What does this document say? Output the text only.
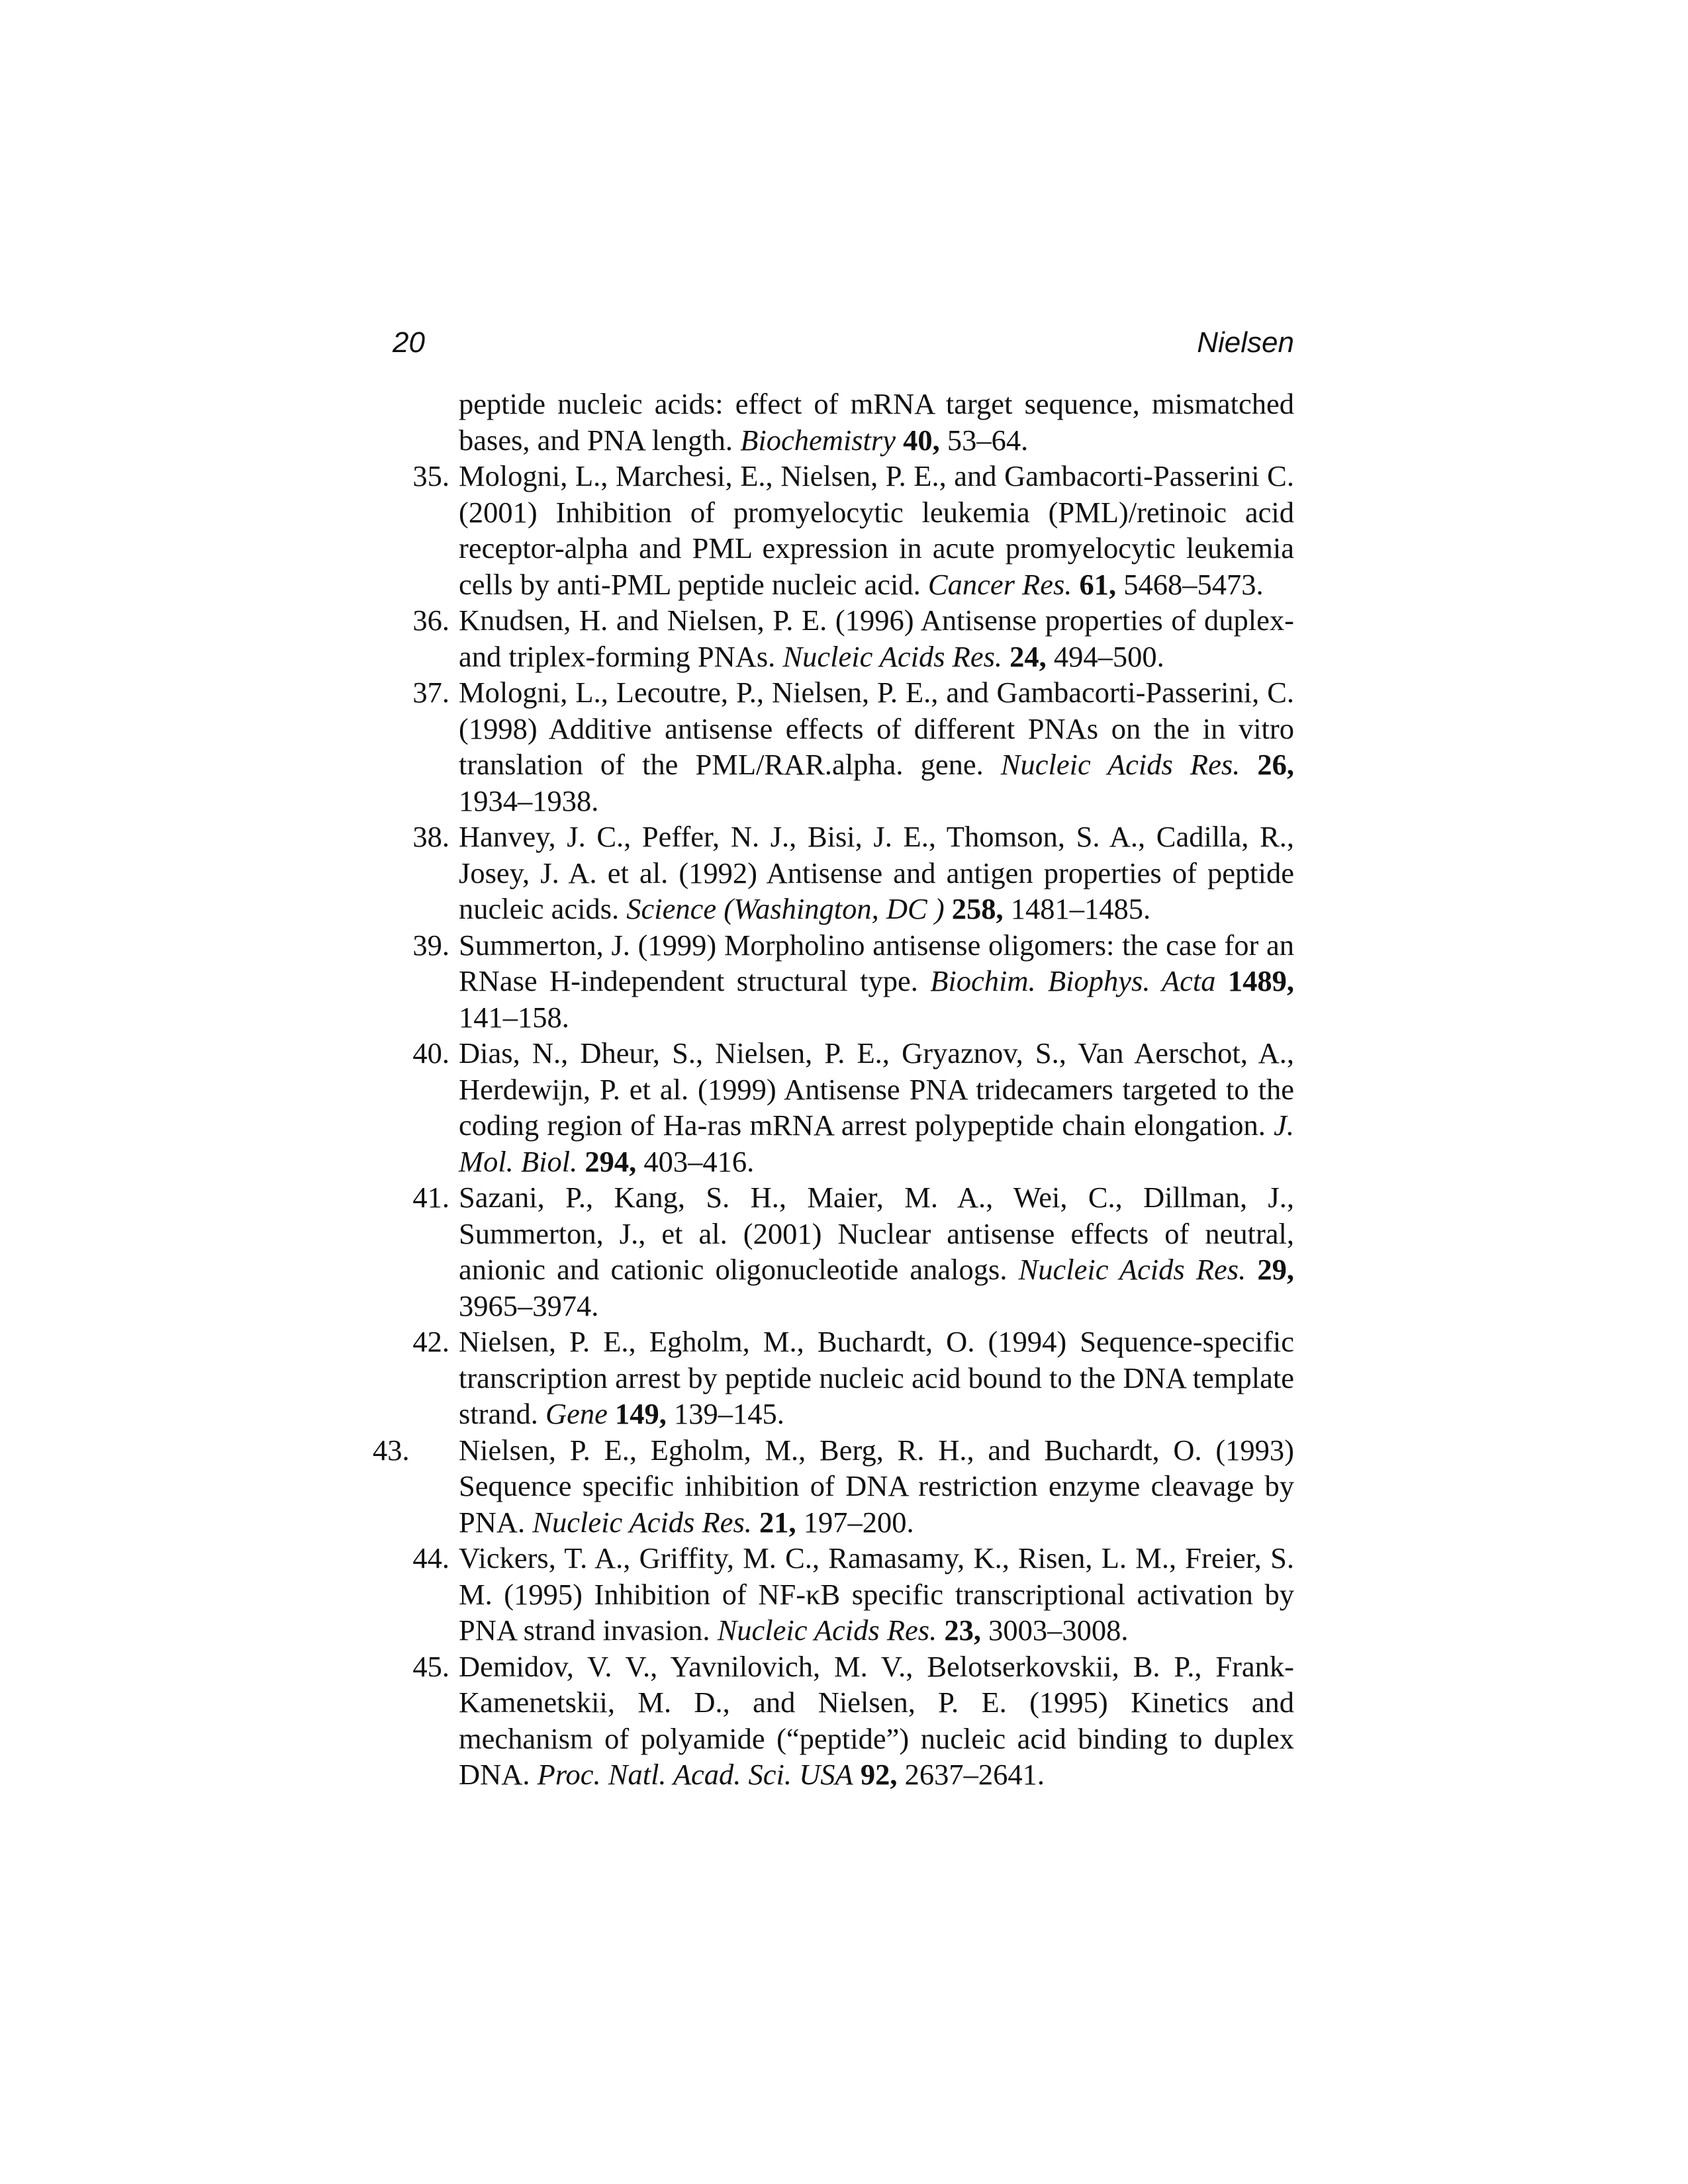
20	Nielsen

peptide nucleic acids: effect of mRNA target sequence, mismatched bases, and PNA length. Biochemistry 40, 53–64.

35. Mologni, L., Marchesi, E., Nielsen, P. E., and Gambacorti-Passerini C. (2001) Inhibition of promyelocytic leukemia (PML)/retinoic acid receptor-alpha and PML expression in acute promyelocytic leukemia cells by anti-PML peptide nucleic acid. Cancer Res. 61, 5468–5473.

36. Knudsen, H. and Nielsen, P. E. (1996) Antisense properties of duplex- and triplex-forming PNAs. Nucleic Acids Res. 24, 494–500.

37. Mologni, L., Lecoutre, P., Nielsen, P. E., and Gambacorti-Passerini, C. (1998) Additive antisense effects of different PNAs on the in vitro translation of the PML/RAR.alpha. gene. Nucleic Acids Res. 26, 1934–1938.

38. Hanvey, J. C., Peffer, N. J., Bisi, J. E., Thomson, S. A., Cadilla, R., Josey, J. A. et al. (1992) Antisense and antigen properties of peptide nucleic acids. Science (Washington, DC ) 258, 1481–1485.

39. Summerton, J. (1999) Morpholino antisense oligomers: the case for an RNase H-independent structural type. Biochim. Biophys. Acta 1489, 141–158.

40. Dias, N., Dheur, S., Nielsen, P. E., Gryaznov, S., Van Aerschot, A., Herdewijn, P. et al. (1999) Antisense PNA tridecamers targeted to the coding region of Ha-ras mRNA arrest polypeptide chain elongation. J. Mol. Biol. 294, 403–416.

41. Sazani, P., Kang, S. H., Maier, M. A., Wei, C., Dillman, J., Summerton, J., et al. (2001) Nuclear antisense effects of neutral, anionic and cationic oligonucleotide analogs. Nucleic Acids Res. 29, 3965–3974.

42. Nielsen, P. E., Egholm, M., Buchardt, O. (1994) Sequence-specific transcription arrest by peptide nucleic acid bound to the DNA template strand. Gene 149, 139–145.

43.	Nielsen, P. E., Egholm, M., Berg, R. H., and Buchardt, O. (1993) Sequence specific inhibition of DNA restriction enzyme cleavage by PNA. Nucleic Acids Res. 21, 197–200.

44. Vickers, T. A., Griffity, M. C., Ramasamy, K., Risen, L. M., Freier, S. M. (1995) Inhibition of NF-κB specific transcriptional activation by PNA strand invasion. Nucleic Acids Res. 23, 3003–3008.

45. Demidov, V. V., Yavnilovich, M. V., Belotserkovskii, B. P., Frank-Kamenetskii, M. D., and Nielsen, P. E. (1995) Kinetics and mechanism of polyamide (“peptide”) nucleic acid binding to duplex DNA. Proc. Natl. Acad. Sci. USA 92, 2637–2641.
